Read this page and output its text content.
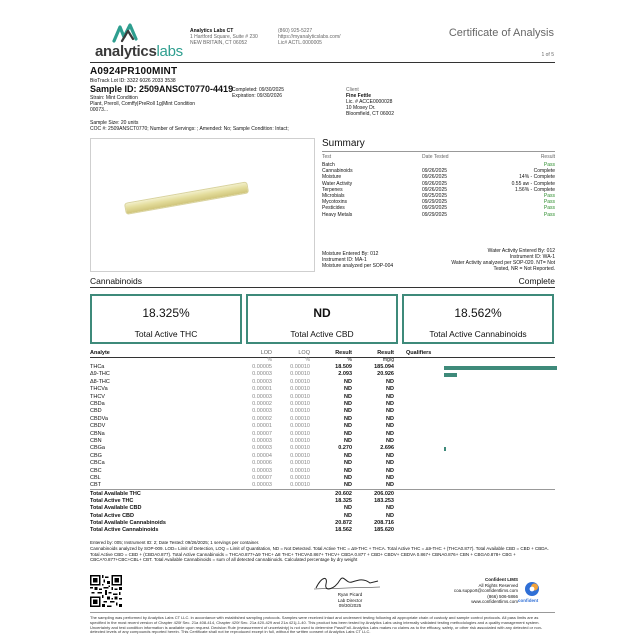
analyticslabs
Analytics Labs CT
1 Hartford Square, Suite # 230
NEW BRITAIN, CT 06052
(860) 925-5227
https://myanalyticslabs.com/
Lic# ACTL.0000005
Certificate of Analysis
1 of 5
A0924PR100MINT
BioTrack Lot ID: 3322 6026 2033 3538
Sample ID: 2509ANSCT0770-4419
Strain: Mint Condition
Plant, Preroll, Comffy|PreRoll 1g|Mint Condition
00073...
Completed: 09/30/2025
Expiration: 09/30/2026
Client
Fine Fettle
Lic. # ACCE0000028
10 Mosey Dr.
Bloomfield, CT 06002
Sample Size: 20 units
COC #: 2509ANSCT0770; Number of Servings: ; Amended: No; Sample Condition: Intact;
Summary
Test	Date Tested	Result
Batch	Pass
Cannabinoids	09/26/2025	Complete
Moisture	09/26/2025	14% - Complete
Water Activity	09/26/2025	0.55 aw - Complete
Terpenes	09/26/2025	1.56% - Complete
Microbials	09/25/2025	Pass
Mycotoxins	09/29/2025	Pass
Pesticides	09/29/2025	Pass
Heavy Metals	09/29/2025	Pass
Moisture Entered By: 012
Instrument ID: MA-1
Moisture analyzed per SOP-004
Water Activity Entered By: 012
Instrument ID: WA-1
Water Activity analyzed per SOP-020. NT= Not
Tested, NR = Not Reported.
Cannabinoids	Complete
18.325%
Total Active THC
ND
Total Active CBD
18.562%
Total Active Cannabinoids
Analyte	LOD	LOQ	Result	Result Qualifiers
%	%	%	mg/g
THCa	0.00005	0.00010	18.509	185.094
Δ9-THC	0.00003	0.00010	2.093	20.926
Δ8-THC	0.00003	0.00010	ND	ND
THCVa	0.00001	0.00010	ND	ND
THCV	0.00003	0.00010	ND	ND
CBDa	0.00002	0.00010	ND	ND
CBD	0.00003	0.00010	ND	ND
CBDVa	0.00002	0.00010	ND	ND
CBDV	0.00001	0.00010	ND	ND
CBNa	0.00007	0.00010	ND	ND
CBN	0.00003	0.00010	ND	ND
CBGa	0.00003	0.00010	0.270	2.696
CBG	0.00004	0.00010	ND	ND
CBCa	0.00006	0.00010	ND	ND
CBC	0.00003	0.00010	ND	ND
CBL	0.00007	0.00010	ND	ND
CBT	0.00003	0.00010	ND	ND
Total Available THC	20.602	206.020
Total Active THC	18.325	183.253
Total Available CBD	ND	ND
Total Active CBD	ND	ND
Total Available Cannabinoids	20.872	208.716
Total Active Cannabinoids	18.562	185.620
Entered by: 005; Instrument ID: 2; Date Tested: 09/26/2025; 1 servings per container.
Cannabinoids analyzed by SOP-009. LOD= Limit of Detection, LOQ = Limit of Quantitation, ND = Not Detected. Total Active THC = Δ9-THC + THCA. Total Active THC = Δ9-THC + (THCA0.877). Total Available CBD = CBD + CBDA. Total Active CBD = CBD + (CBDA0.877). Total Active Cannabinoids = THCA0.877+Δ9 THC+ Δ8 THC+ THCVA0.867+ THCV+ CBDA 0.877 + CBD+ CBDV+ CBDVA 0.867+ CBNA0.876+ CBN + CBGA0.878+ CBG + CBCA*0.877+CBC+CBL+ CBT. Total Available Cannabinoids = sum of all detected cannabinoids. Calculated percentage by dry weight
Ryan Picard
Lab Director
09/30/2025
Confident LIMS
All Rights Reserved
coa.support@confidentlims.com
(866) 506-5866
www.confidentlims.com confident
The sampling was performed by Analytics Labs CT LLC. in accordance with established sampling protocols. Samples were received intact and underwent testing following all appropriate chain of custody and sample control protocols. All pass limits are as specified in the most recent version of Chapter 420f Sec. 21a 408-414, Chapter 420f Sec. 21a 420-429 and 21a 421j-1-40. This product has been tested by Analytics Labs using internally validated testing methodologies and a quality management system. Uncertainty and test condition information is available upon request. Decision Rule (measurement of uncertainty) is not used to determine Pass/Fail. Analytics Labs makes no claims as to the efficacy, safety, or other risk associated with any detected or non-detected levels of any compounds reported herein. This Certificate shall not be reproduced except in full, without the written consent of Analytics Labs CT LLC.
